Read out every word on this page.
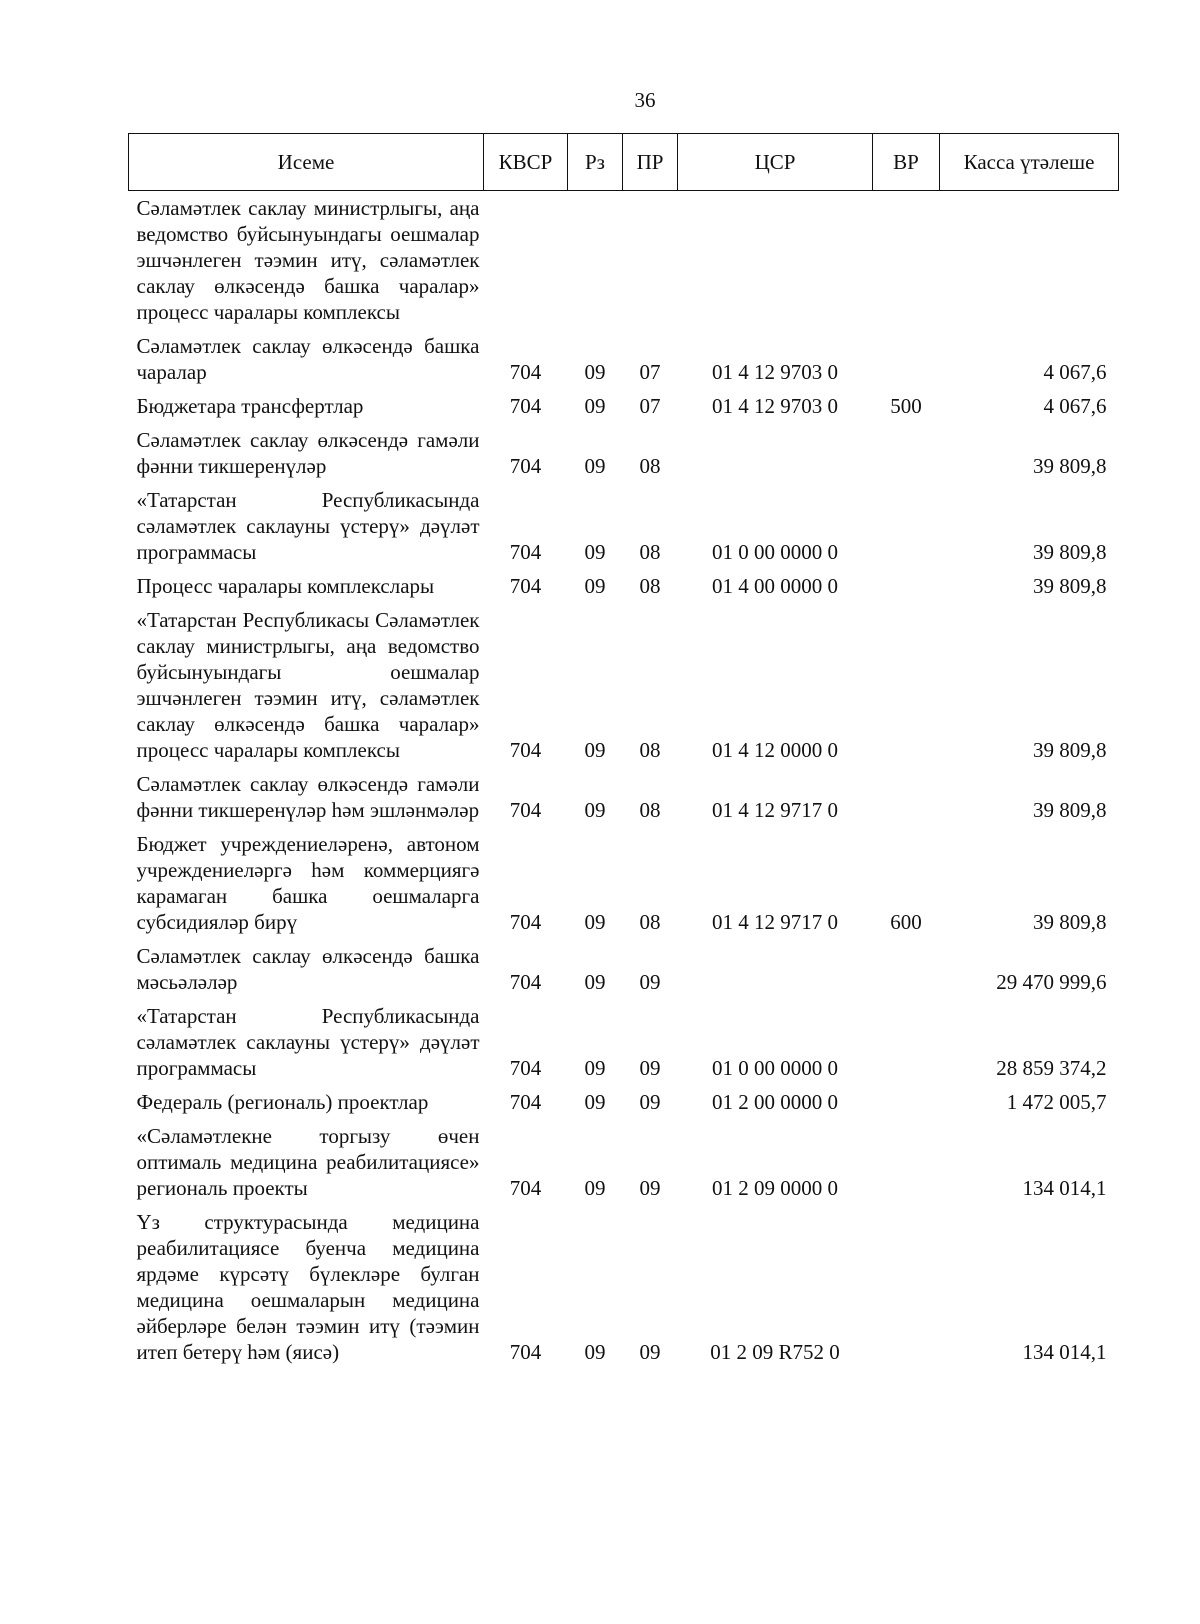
36
Исеме	КВСР	Рз	ПР	ЦСР	ВР	Касса үтәлеше
Сәламәтлек саклау министрлыгы, аңа ведомство буйсынуындагы оешмалар эшчәнлеген тәэмин итү, сәламәтлек саклау өлкәсендә башка чаралар» процесс чаралары комплексы						
Сәламәтлек саклау өлкәсендә башка чаралар	704	09	07	01 4 12 9703 0		4 067,6
Бюджетара трансфертлар	704	09	07	01 4 12 9703 0	500	4 067,6
Сәламәтлек саклау өлкәсендә гамәли фәнни тикшеренүләр	704	09	08			39 809,8
«Татарстан Республикасында сәламәтлек саклауны үстерү» дәүләт программасы	704	09	08	01 0 00 0000 0		39 809,8
Процесс чаралары комплекслары	704	09	08	01 4 00 0000 0		39 809,8
«Татарстан Республикасы Сәламәтлек саклау министрлыгы, аңа ведомство буйсынуындагы оешмалар эшчәнлеген тәэмин итү, сәламәтлек саклау өлкәсендә башка чаралар» процесс чаралары комплексы	704	09	08	01 4 12 0000 0		39 809,8
Сәламәтлек саклау өлкәсендә гамәли фәнни тикшеренүләр һәм эшләнмәләр	704	09	08	01 4 12 9717 0		39 809,8
Бюджет учреждениеләренә, автоном учреждениеләргә һәм коммерциягә карамаган башка оешмаларга субсидияләр бирү	704	09	08	01 4 12 9717 0	600	39 809,8
Сәламәтлек саклау өлкәсендә башка мәсьәләләр	704	09	09			29 470 999,6
«Татарстан Республикасында сәламәтлек саклауны үстерү» дәүләт программасы	704	09	09	01 0 00 0000 0		28 859 374,2
Федераль (региональ) проектлар	704	09	09	01 2 00 0000 0		1 472 005,7
«Сәламәтлекне торгызу өчен оптималь медицина реабилитациясе» региональ проекты	704	09	09	01 2 09 0000 0		134 014,1
Үз структурасында медицина реабилитациясе буенча медицина ярдәме күрсәтү бүлекләре булган медицина оешмаларын медицина әйберләре белән тәэмин итү (тәэмин итеп бетерү һәм (яисә)	704	09	09	01 2 09 R752 0		134 014,1
